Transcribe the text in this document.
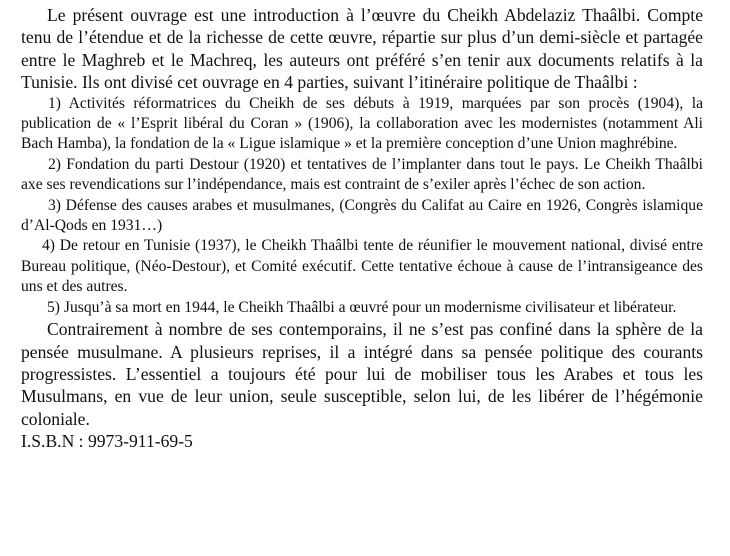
Le présent ouvrage est une introduction à l’œuvre du Cheikh Abdelaziz Thaâlbi. Compte tenu de l’étendue et de la richesse de cette œuvre, répartie sur plus d’un demi-siècle et partagée entre le Maghreb et le Machreq, les auteurs ont préféré s’en tenir aux documents relatifs à la Tunisie. Ils ont divisé cet ouvrage en 4 parties, suivant l’itinéraire politique de Thaâlbi :

1) Activités réformatrices du Cheikh de ses débuts à 1919, marquées par son procès (1904), la publication de « l’Esprit libéral du Coran » (1906), la collaboration avec les modernistes (notamment Ali Bach Hamba), la fondation de la « Ligue islamique » et la première conception d’une Union maghrébine.

2) Fondation du parti Destour (1920) et tentatives de l’implanter dans tout le pays. Le Cheikh Thaâlbi axe ses revendications sur l’indépendance, mais est contraint de s’exiler après l’échec de son action.

3) Défense des causes arabes et musulmanes, (Congrès du Califat au Caire en 1926, Congrès islamique d’Al-Qods en 1931…)

4) De retour en Tunisie (1937), le Cheikh Thaâlbi tente de réunifier le mouvement national, divisé entre Bureau politique, (Néo-Destour), et Comité exécutif. Cette tentative échoue à cause de l’intransigeance des uns et des autres.

5) Jusqu’à sa mort en 1944, le Cheikh Thaâlbi a œuvré pour un modernisme civilisateur et libérateur.

Contrairement à nombre de ses contemporains, il ne s’est pas confiné dans la sphère de la pensée musulmane. A plusieurs reprises, il a intégré dans sa pensée politique des courants progressistes. L’essentiel a toujours été pour lui de mobiliser tous les Arabes et tous les Musulmans, en vue de leur union, seule susceptible, selon lui, de les libérer de l’hégémonie coloniale.

I.S.B.N : 9973-911-69-5
